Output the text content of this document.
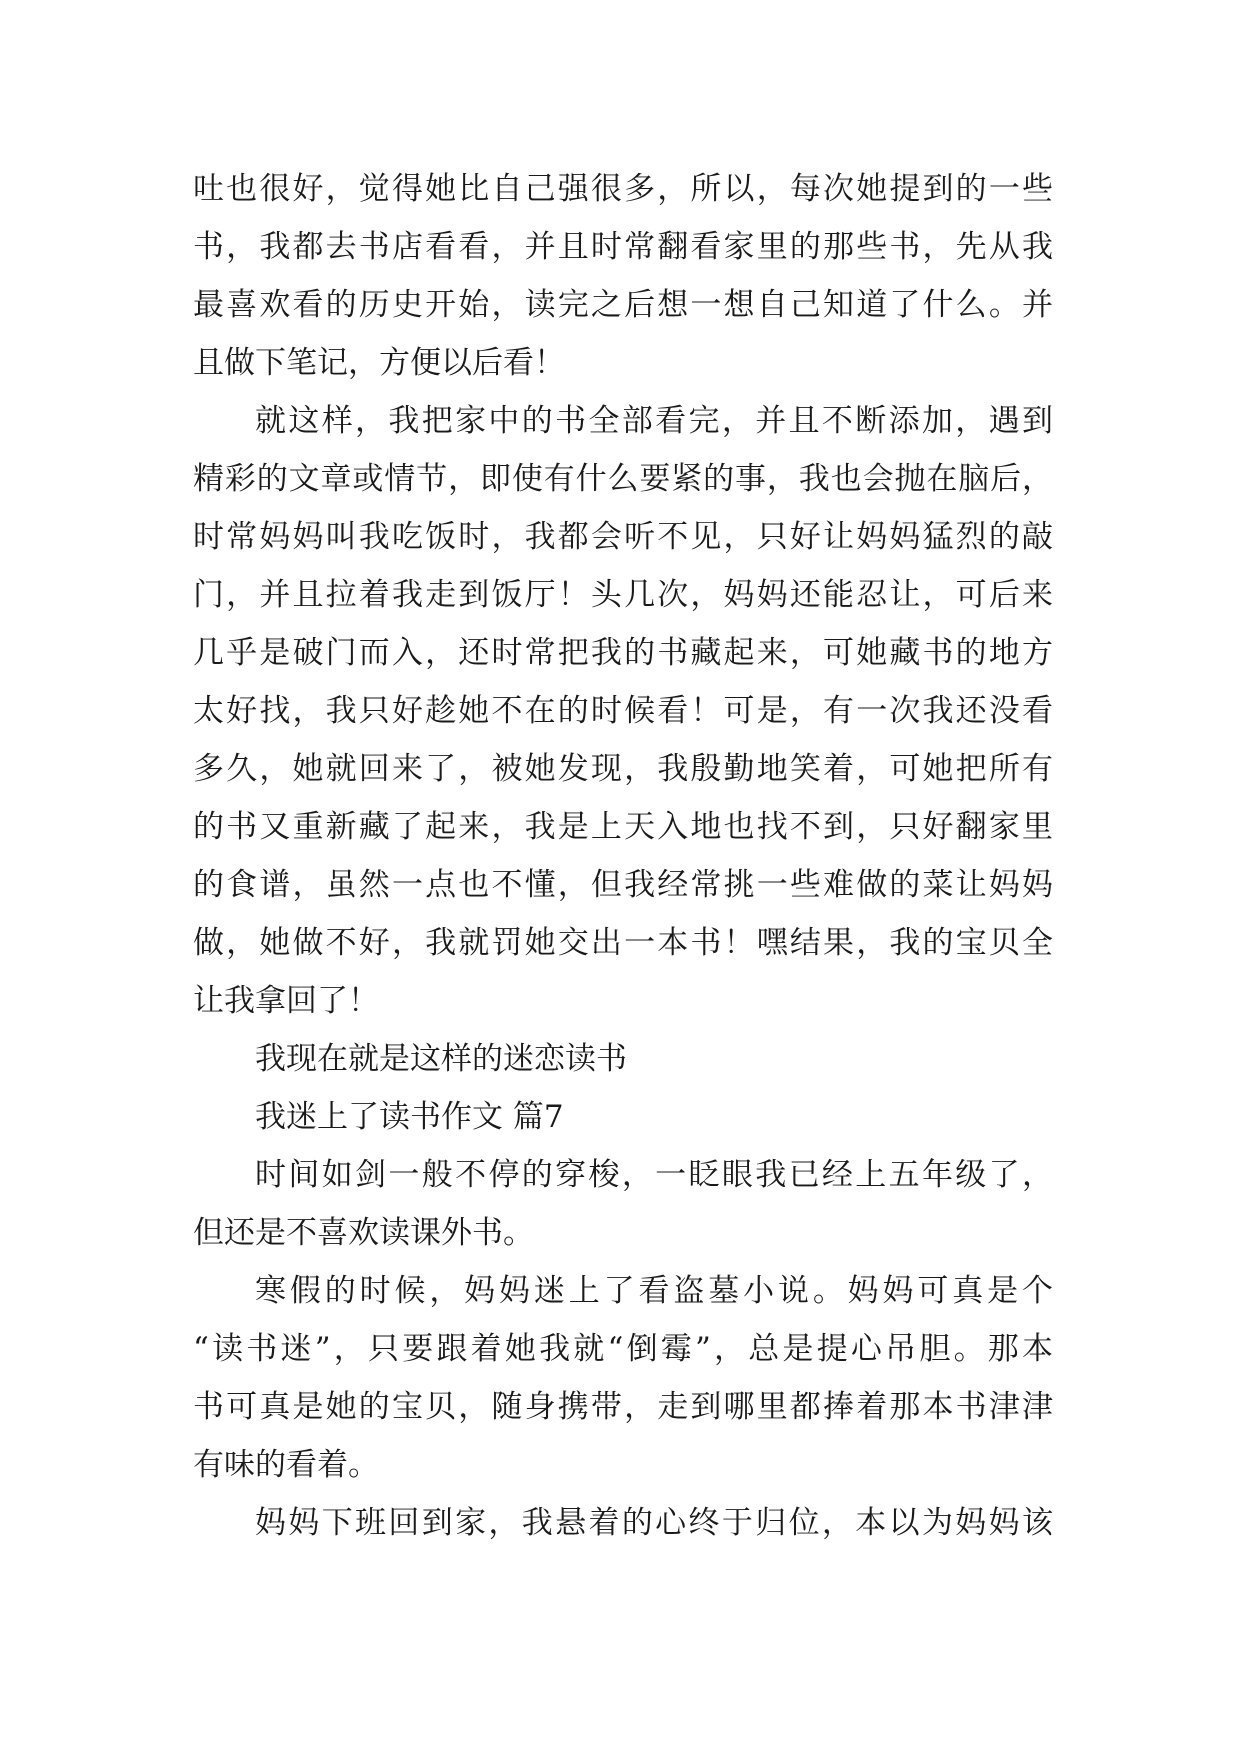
吐也很好，觉得她比自己强很多，所以，每次她提到的一些
书，我都去书店看看，并且时常翻看家里的那些书，先从我
最喜欢看的历史开始，读完之后想一想自己知道了什么。并
且做下笔记，方便以后看！
就这样，我把家中的书全部看完，并且不断添加，遇到
精彩的文章或情节，即使有什么要紧的事，我也会抛在脑后，
时常妈妈叫我吃饭时，我都会听不见，只好让妈妈猛烈的敲
门，并且拉着我走到饭厅！头几次，妈妈还能忍让，可后来
几乎是破门而入，还时常把我的书藏起来，可她藏书的地方
太好找，我只好趁她不在的时候看！可是，有一次我还没看
多久，她就回来了，被她发现，我殷勤地笑着，可她把所有
的书又重新藏了起来，我是上天入地也找不到，只好翻家里
的食谱，虽然一点也不懂，但我经常挑一些难做的菜让妈妈
做，她做不好，我就罚她交出一本书！嘿结果，我的宝贝全
让我拿回了！
我现在就是这样的迷恋读书
我迷上了读书作文 篇7
时间如剑一般不停的穿梭，一眨眼我已经上五年级了，
但还是不喜欢读课外书。
寒假的时候，妈妈迷上了看盗墓小说。妈妈可真是个
“读书迷”，只要跟着她我就“倒霉”，总是提心吊胆。那本
书可真是她的宝贝，随身携带，走到哪里都捧着那本书津津
有味的看着。
妈妈下班回到家，我悬着的心终于归位，本以为妈妈该
